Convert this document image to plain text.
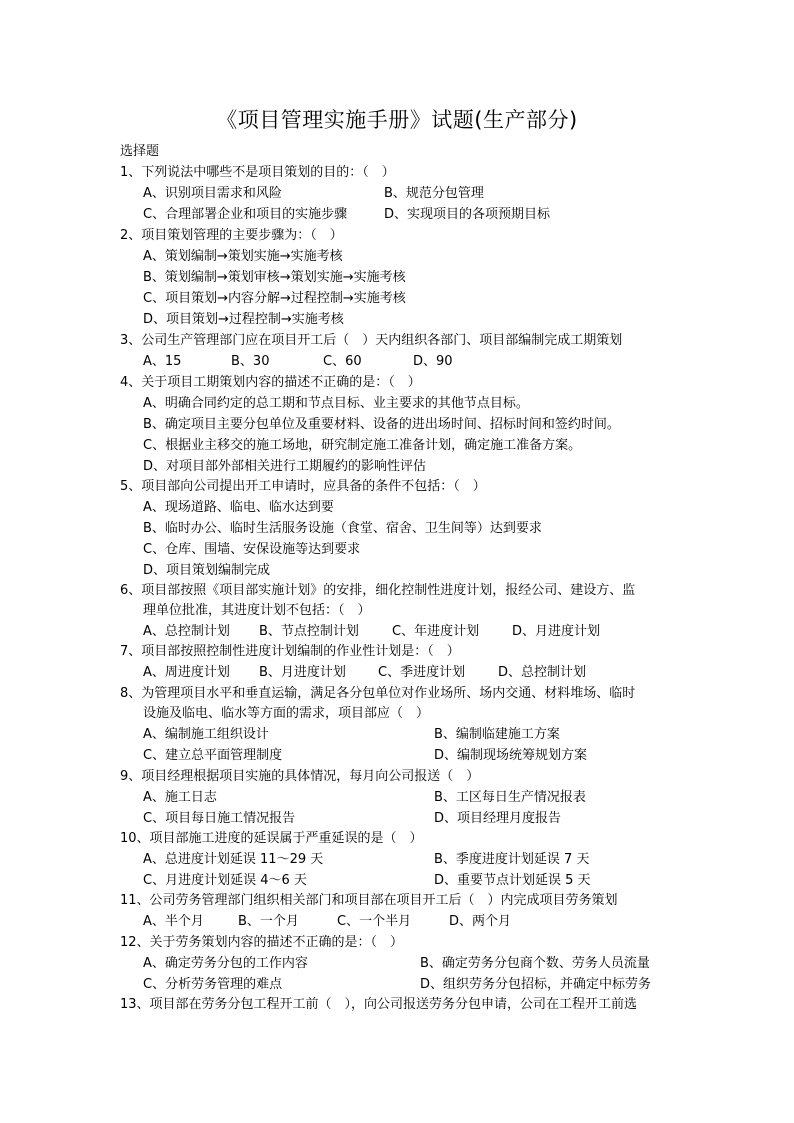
《项目管理实施手册》试题(生产部分)
选择题
1、下列说法中哪些不是项目策划的目的：（　）
A、识别项目需求和风险	B、规范分包管理
C、合理部署企业和项目的实施步骤	D、实现项目的各项预期目标
2、项目策划管理的主要步骤为：（　）
A、策划编制→策划实施→实施考核
B、策划编制→策划审核→策划实施→实施考核
C、项目策划→内容分解→过程控制→实施考核
D、项目策划→过程控制→实施考核
3、公司生产管理部门应在项目开工后（　）天内组织各部门、项目部编制完成工期策划
A、15	B、30	C、60	D、90
4、关于项目工期策划内容的描述不正确的是：（　）
A、明确合同约定的总工期和节点目标、业主要求的其他节点目标。
B、确定项目主要分包单位及重要材料、设备的进出场时间、招标时间和签约时间。
C、根据业主移交的施工场地，研究制定施工准备计划，确定施工准备方案。
D、对项目部外部相关进行工期履约的影响性评估
5、项目部向公司提出开工申请时，应具备的条件不包括：（　）
A、现场道路、临电、临水达到要
B、临时办公、临时生活服务设施（食堂、宿舍、卫生间等）达到要求
C、仓库、围墙、安保设施等达到要求
D、项目策划编制完成
6、项目部按照《项目部实施计划》的安排，细化控制性进度计划，报经公司、建设方、监
理单位批准，其进度计划不包括：（　）
A、总控制计划 B、节点控制计划	C、年进度计划	D、月进度计划
7、项目部按照控制性进度计划编制的作业性计划是：（　）
A、周进度计划 B、月进度计划 C、季进度计划	D、总控制计划
8、为管理项目水平和垂直运输，满足各分包单位对作业场所、场内交通、材料堆场、临时
设施及临电、临水等方面的需求，项目部应（　）
A、编制施工组织设计	B、编制临建施工方案
C、建立总平面管理制度	D、编制现场统筹规划方案
9、项目经理根据项目实施的具体情况，每月向公司报送（　）
A、施工日志	B、工区每日生产情况报表
C、项目每日施工情况报告	D、项目经理月度报告
10、项目部施工进度的延误属于严重延误的是（　）
A、总进度计划延误 11～29 天	B、季度进度计划延误 7 天
C、月进度计划延误 4～6 天	D、重要节点计划延误 5 天
11、公司劳务管理部门组织相关部门和项目部在项目开工后（　）内完成项目劳务策划
A、半个月	B、一个月	C、一个半月	D、两个月
12、关于劳务策划内容的描述不正确的是：（　）
A、确定劳务分包的工作内容	B、确定劳务分包商个数、劳务人员流量
C、分析劳务管理的难点	D、组织劳务分包招标，并确定中标劳务
13、项目部在劳务分包工程开工前（　），向公司报送劳务分包申请，公司在工程开工前选
